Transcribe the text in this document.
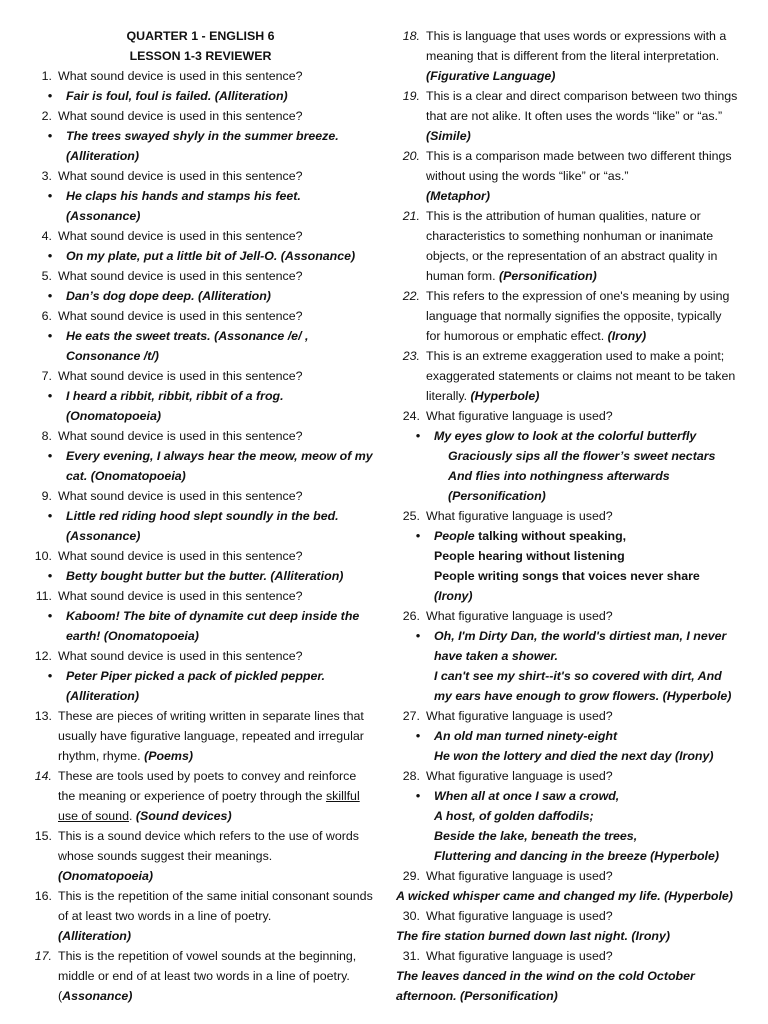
QUARTER 1 - ENGLISH 6

LESSON 1-3 REVIEWER

1. What sound device is used in this sentence?
•	Fair is foul, foul is failed. (Alliteration)
2. What sound device is used in this sentence?
•	The trees swayed shyly in the summer breeze. (Alliteration)
3. What sound device is used in this sentence?
•	He claps his hands and stamps his feet. (Assonance)
4. What sound device is used in this sentence?
•	On my plate, put a little bit of Jell-O. (Assonance)
5. What sound device is used in this sentence?
•	Dan’s dog dope deep. (Alliteration)
6. What sound device is used in this sentence?
•	He eats the sweet treats. (Assonance /e/ , Consonance /t/)
7. What sound device is used in this sentence?
•	I heard a ribbit, ribbit, ribbit of a frog. (Onomatopoeia)
8. What sound device is used in this sentence?
•	Every evening, I always hear the meow, meow of my cat. (Onomatopoeia)
9. What sound device is used in this sentence?
•	Little red riding hood slept soundly in the bed. (Assonance)
10. What sound device is used in this sentence?
•	Betty bought butter but the butter. (Alliteration)
11. What sound device is used in this sentence?
•	Kaboom! The bite of dynamite cut deep inside the earth! (Onomatopoeia)
12. What sound device is used in this sentence?
•	Peter Piper picked a pack of pickled pepper. (Alliteration)
13. These are pieces of writing written in separate lines that usually have figurative language, repeated and irregular rhythm, rhyme. (Poems)
14. These are tools used by poets to convey and reinforce the meaning or experience of poetry through the skillful use of sound. (Sound devices)
15. This is a sound device which refers to the use of words whose sounds suggest their meanings.
(Onomatopoeia)
16. This is the repetition of the same initial consonant sounds of at least two words in a line of poetry.
(Alliteration)
17. This is the repetition of vowel sounds at the beginning, middle or end of at least two words in a line of poetry. (Assonance)
18. This is language that uses words or expressions with a meaning that is different from the literal interpretation. (Figurative Language)
19. This is a clear and direct comparison between two things that are not alike. It often uses the words “like” or “as.” (Simile)
20. This is a comparison made between two different things without using the words “like” or “as.”
(Metaphor)
21. This is the attribution of human qualities, nature or characteristics to something nonhuman or inanimate objects, or the representation of an abstract quality in human form. (Personification)
22. This refers to the expression of one's meaning by using language that normally signifies the opposite, typically for humorous or emphatic effect. (Irony)
23. This is an extreme exaggeration used to make a point; exaggerated statements or claims not meant to be taken literally. (Hyperbole)
24. What figurative language is used?
•	My eyes glow to look at the colorful butterfly
Graciously sips all the flower’s sweet nectars
And flies into nothingness afterwards
(Personification)
25. What figurative language is used?
•	People talking without speaking,
People hearing without listening
People writing songs that voices never share (Irony)
26. What figurative language is used?
•	Oh, I'm Dirty Dan, the world's dirtiest man, I never have taken a shower.
I can't see my shirt--it's so covered with dirt, And my ears have enough to grow flowers. (Hyperbole)
27. What figurative language is used?
•	An old man turned ninety-eight
He won the lottery and died the next day (Irony)
28. What figurative language is used?
•	When all at once I saw a crowd,
A host, of golden daffodils;
Beside the lake, beneath the trees,
Fluttering and dancing in the breeze (Hyperbole)
29. What figurative language is used?
A wicked whisper came and changed my life. (Hyperbole)
30. What figurative language is used?
The fire station burned down last night. (Irony)
31. What figurative language is used?
The leaves danced in the wind on the cold October afternoon. (Personification)
